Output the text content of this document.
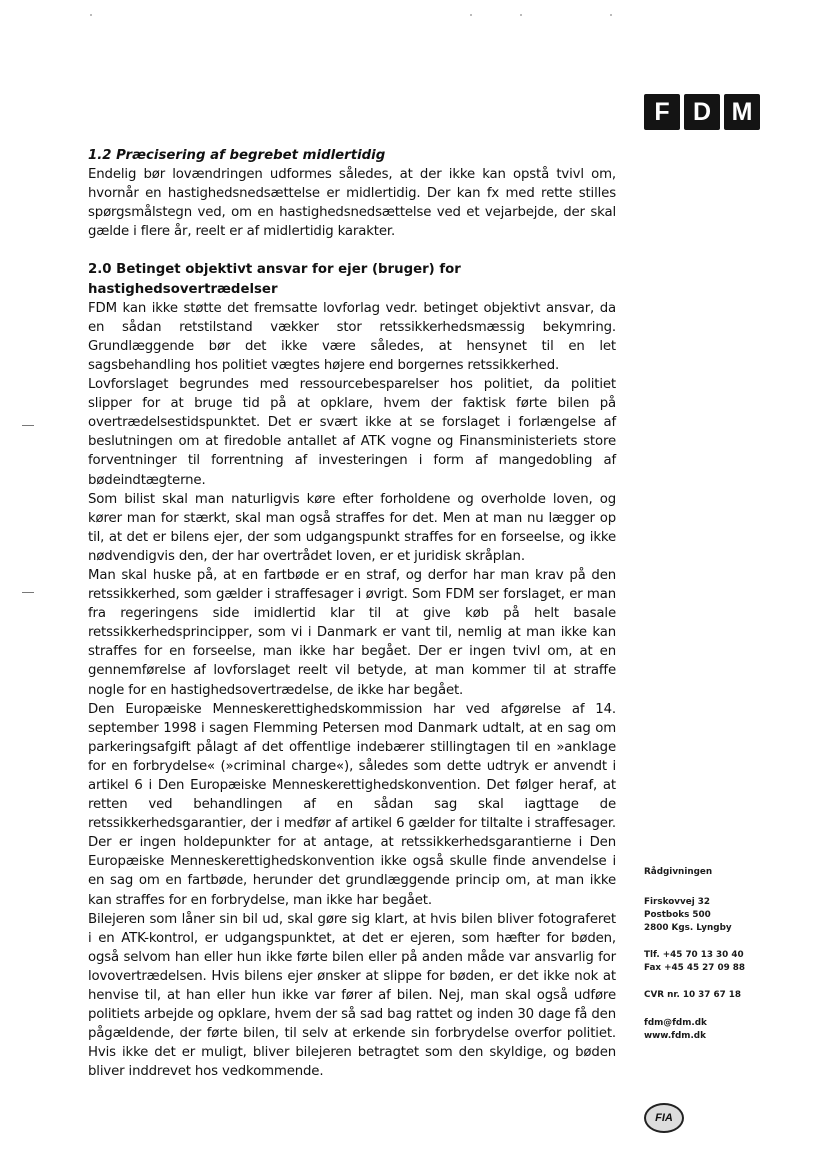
F D M
1.2 Præcisering af begrebet midlertidig

Endelig bør lovændringen udformes således, at der ikke kan opstå tvivl om, hvornår en hastighedsnedsættelse er midlertidig. Der kan fx med rette stilles spørgsmålstegn ved, om en hastighedsnedsættelse ved et vejarbejde, der skal gælde i flere år, reelt er af midlertidig karakter.

2.0 Betinget objektivt ansvar for ejer (bruger) for hastighedsovertrædelser

FDM kan ikke støtte det fremsatte lovforlag vedr. betinget objektivt ansvar, da en sådan retstilstand vækker stor retssikkerhedsmæssig bekymring. Grundlæggende bør det ikke være således, at hensynet til en let sagsbehandling hos politiet vægtes højere end borgernes retssikkerhed.

Lovforslaget begrundes med ressourcebesparelser hos politiet, da politiet slipper for at bruge tid på at opklare, hvem der faktisk førte bilen på overtrædelsestidspunktet. Det er svært ikke at se forslaget i forlængelse af beslutningen om at firedoble antallet af ATK vogne og Finansministeriets store forventninger til forrentning af investeringen i form af mangedobling af bødeindtægterne.

Som bilist skal man naturligvis køre efter forholdene og overholde loven, og kører man for stærkt, skal man også straffes for det. Men at man nu lægger op til, at det er bilens ejer, der som udgangspunkt straffes for en forseelse, og ikke nødvendigvis den, der har overtrådet loven, er et juridisk skråplan.

Man skal huske på, at en fartbøde er en straf, og derfor har man krav på den retssikkerhed, som gælder i straffesager i øvrigt. Som FDM ser forslaget, er man fra regeringens side imidlertid klar til at give køb på helt basale retssikkerhedsprincipper, som vi i Danmark er vant til, nemlig at man ikke kan straffes for en forseelse, man ikke har begået. Der er ingen tvivl om, at en gennemførelse af lovforslaget reelt vil betyde, at man kommer til at straffe nogle for en hastighedsovertrædelse, de ikke har begået.

Den Europæiske Menneskerettighedskommission har ved afgørelse af 14. september 1998 i sagen Flemming Petersen mod Danmark udtalt, at en sag om parkeringsafgift pålagt af det offentlige indebærer stillingtagen til en »anklage for en forbrydelse« (»criminal charge«), således som dette udtryk er anvendt i artikel 6 i Den Europæiske Menneskerettighedskonvention. Det følger heraf, at retten ved behandlingen af en sådan sag skal iagttage de retssikkerhedsgarantier, der i medfør af artikel 6 gælder for tiltalte i straffesager. Der er ingen holdepunkter for at antage, at retssikkerhedsgarantierne i Den Europæiske Menneskerettighedskonvention ikke også skulle finde anvendelse i en sag om en fartbøde, herunder det grundlæggende princip om, at man ikke kan straffes for en forbrydelse, man ikke har begået.

Bilejeren som låner sin bil ud, skal gøre sig klart, at hvis bilen bliver fotograferet i en ATK-kontrol, er udgangspunktet, at det er ejeren, som hæfter for bøden, også selvom han eller hun ikke førte bilen eller på anden måde var ansvarlig for lovovertrædelsen. Hvis bilens ejer ønsker at slippe for bøden, er det ikke nok at henvise til, at han eller hun ikke var fører af bilen. Nej, man skal også udføre politiets arbejde og opklare, hvem der så sad bag rattet og inden 30 dage få den pågældende, der førte bilen, til selv at erkende sin forbrydelse overfor politiet. Hvis ikke det er muligt, bliver bilejeren betragtet som den skyldige, og bøden bliver inddrevet hos vedkommende.

Rådgivningen
Firskovvej 32
Postboks 500
2800 Kgs. Lyngby
Tlf. +45 70 13 30 40
Fax +45 45 27 09 88
CVR nr. 10 37 67 18
fdm@fdm.dk
www.fdm.dk
FIA
